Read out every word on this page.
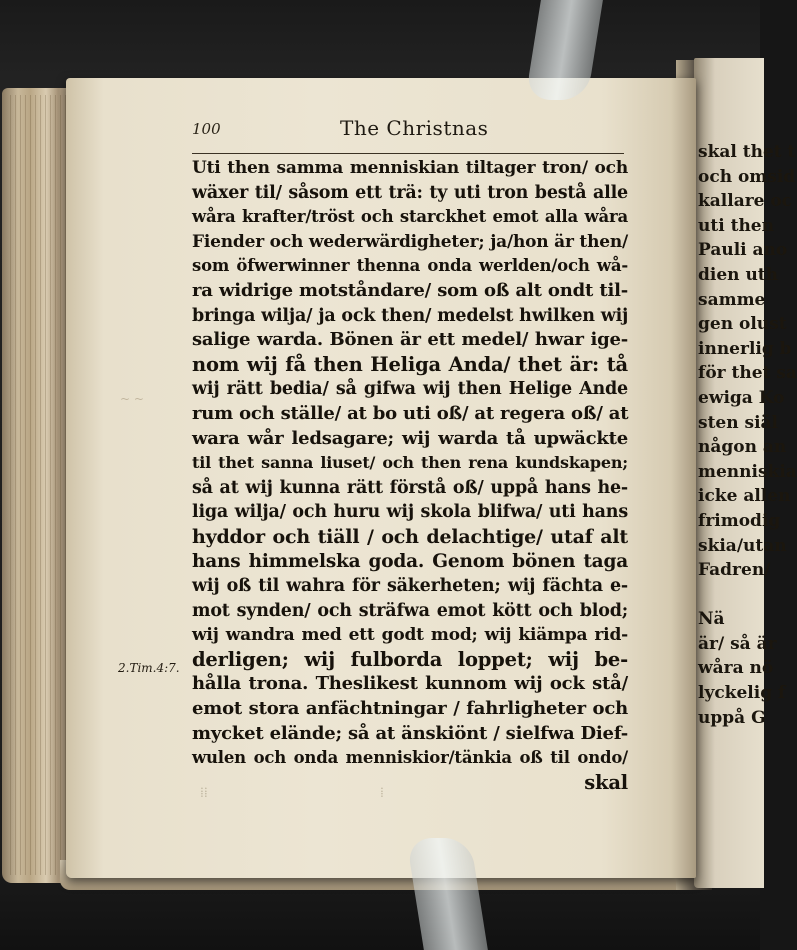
skal thet t
och omsid
kallare oc
uti then
Pauli ano
dien uth
samme
gen olust
innerlig b
för thet sa
ewiga Ko
sten siäl
någon an
menniskia
icke allen
frimodig
skia/utan
Fadren/
Nä
är/ så är
wåra nö
lyckelig f
uppå G
100	The Christnas
Uti then samma menniskian tiltager tron/ och
wäxer til/ såsom ett trä: ty uti tron bestå alle
wåra krafter/tröst och starckhet emot alla wåra
Fiender och wederwärdigheter; ja/hon är then/
som öfwerwinner thenna onda werlden/och wå-
ra widrige motståndare/ som oß alt ondt til-
bringa wilja/ ja ock then/ medelst hwilken wij
salige warda. Bönen är ett medel/ hwar ige-
nom wij få then Heliga Anda/ thet är: tå
wij rätt bedia/ så gifwa wij then Helige Ande
rum och ställe/ at bo uti oß/ at regera oß/ at
wara wår ledsagare; wij warda tå upwäckte
til thet sanna liuset/ och then rena kundskapen;
så at wij kunna rätt förstå oß/ uppå hans he-
liga wilja/ och huru wij skola blifwa/ uti hans
hyddor och tiäll / och delachtige/ utaf alt
hans himmelska goda. Genom bönen taga
wij oß til wahra för säkerheten; wij fächta e-
mot synden/ och sträfwa emot kött och blod;
wij wandra med ett godt mod; wij kiämpa rid-
derligen; wij fulborda loppet; wij be-
hålla trona. Theslikest kunnom wij ock stå/
emot stora anfächtningar / fahrligheter och
mycket elände; så at änskiönt / sielfwa Dief-
wulen och onda menniskior/tänkia oß til ondo/
skal
2.Tim.4:7.
~ ~
⁞⁞	⁞
